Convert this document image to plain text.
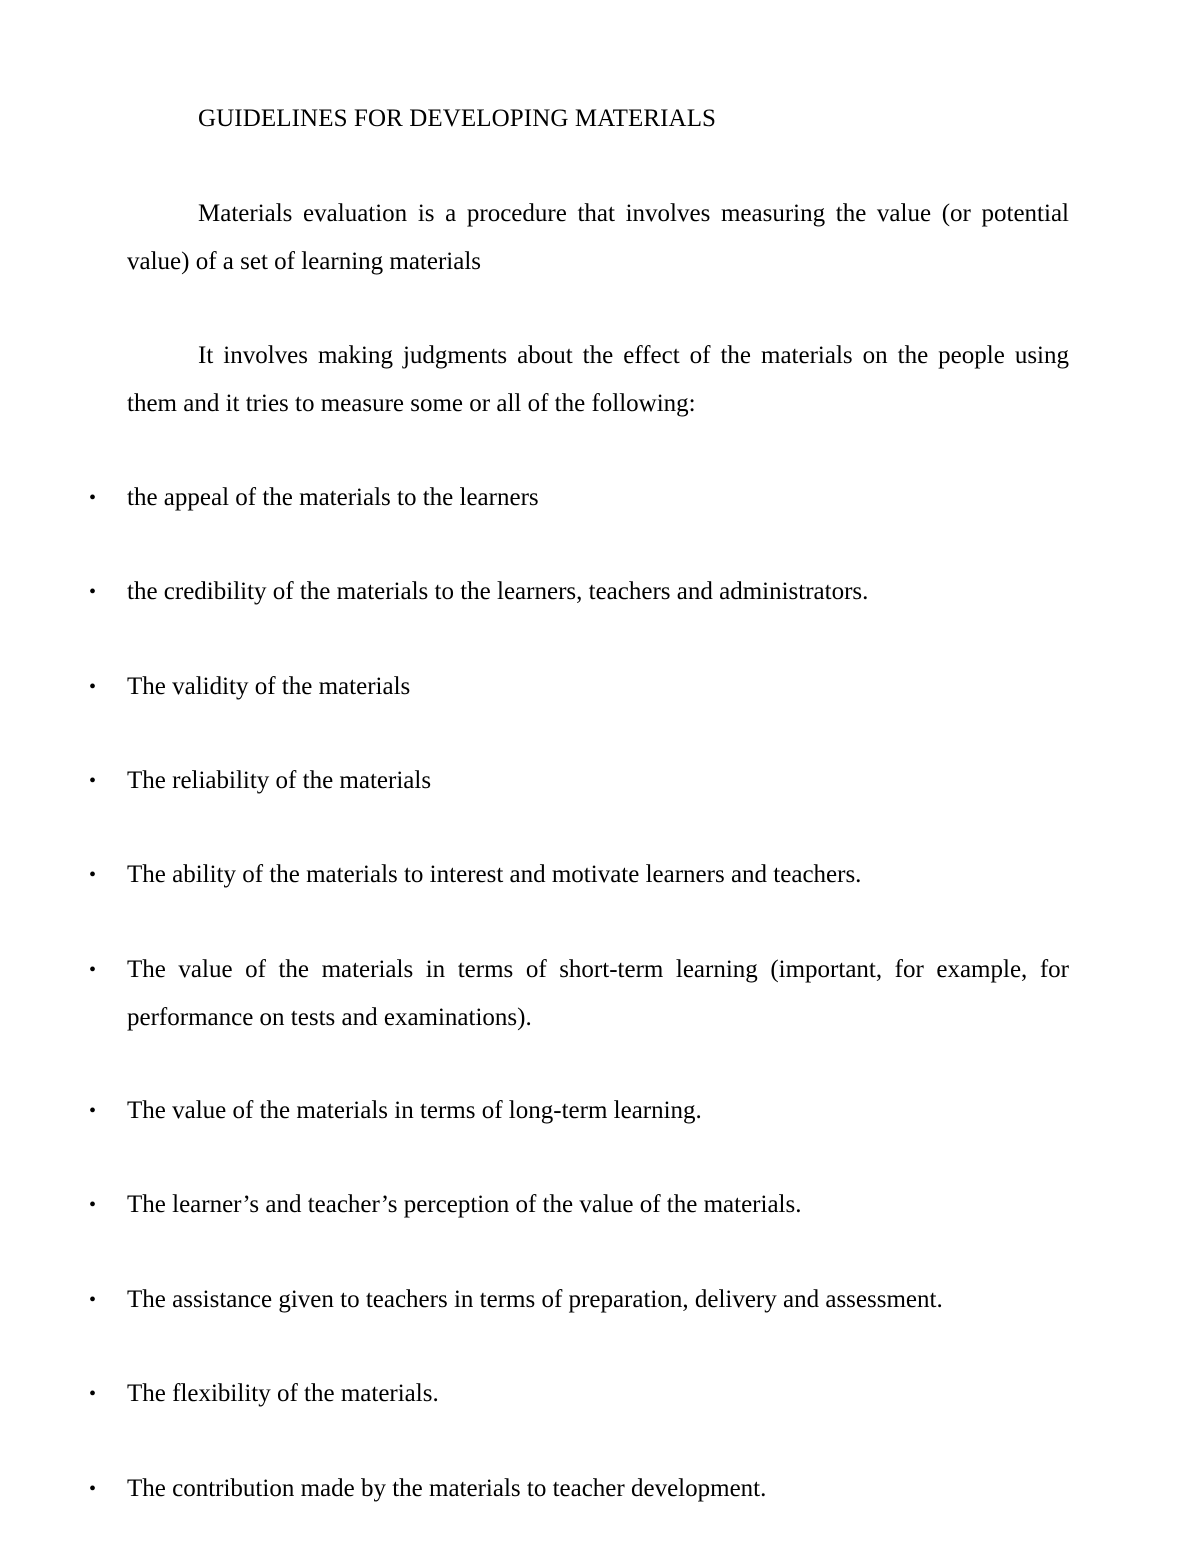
GUIDELINES FOR DEVELOPING MATERIALS

Materials evaluation is a procedure that involves measuring the value (or potential value) of a set of learning materials

It involves making judgments about the effect of the materials on the people using them and it tries to measure some or all of the following:

• the appeal of the materials to the learners
• the credibility of the materials to the learners, teachers and administrators.
• The validity of the materials
• The reliability of the materials
• The ability of the materials to interest and motivate learners and teachers.
• The value of the materials in terms of short-term learning (important, for example, for performance on tests and examinations).
• The value of the materials in terms of long-term learning.
• The learner’s and teacher’s perception of the value of the materials.
• The assistance given to teachers in terms of preparation, delivery and assessment.
• The flexibility of the materials.
• The contribution made by the materials to teacher development.
